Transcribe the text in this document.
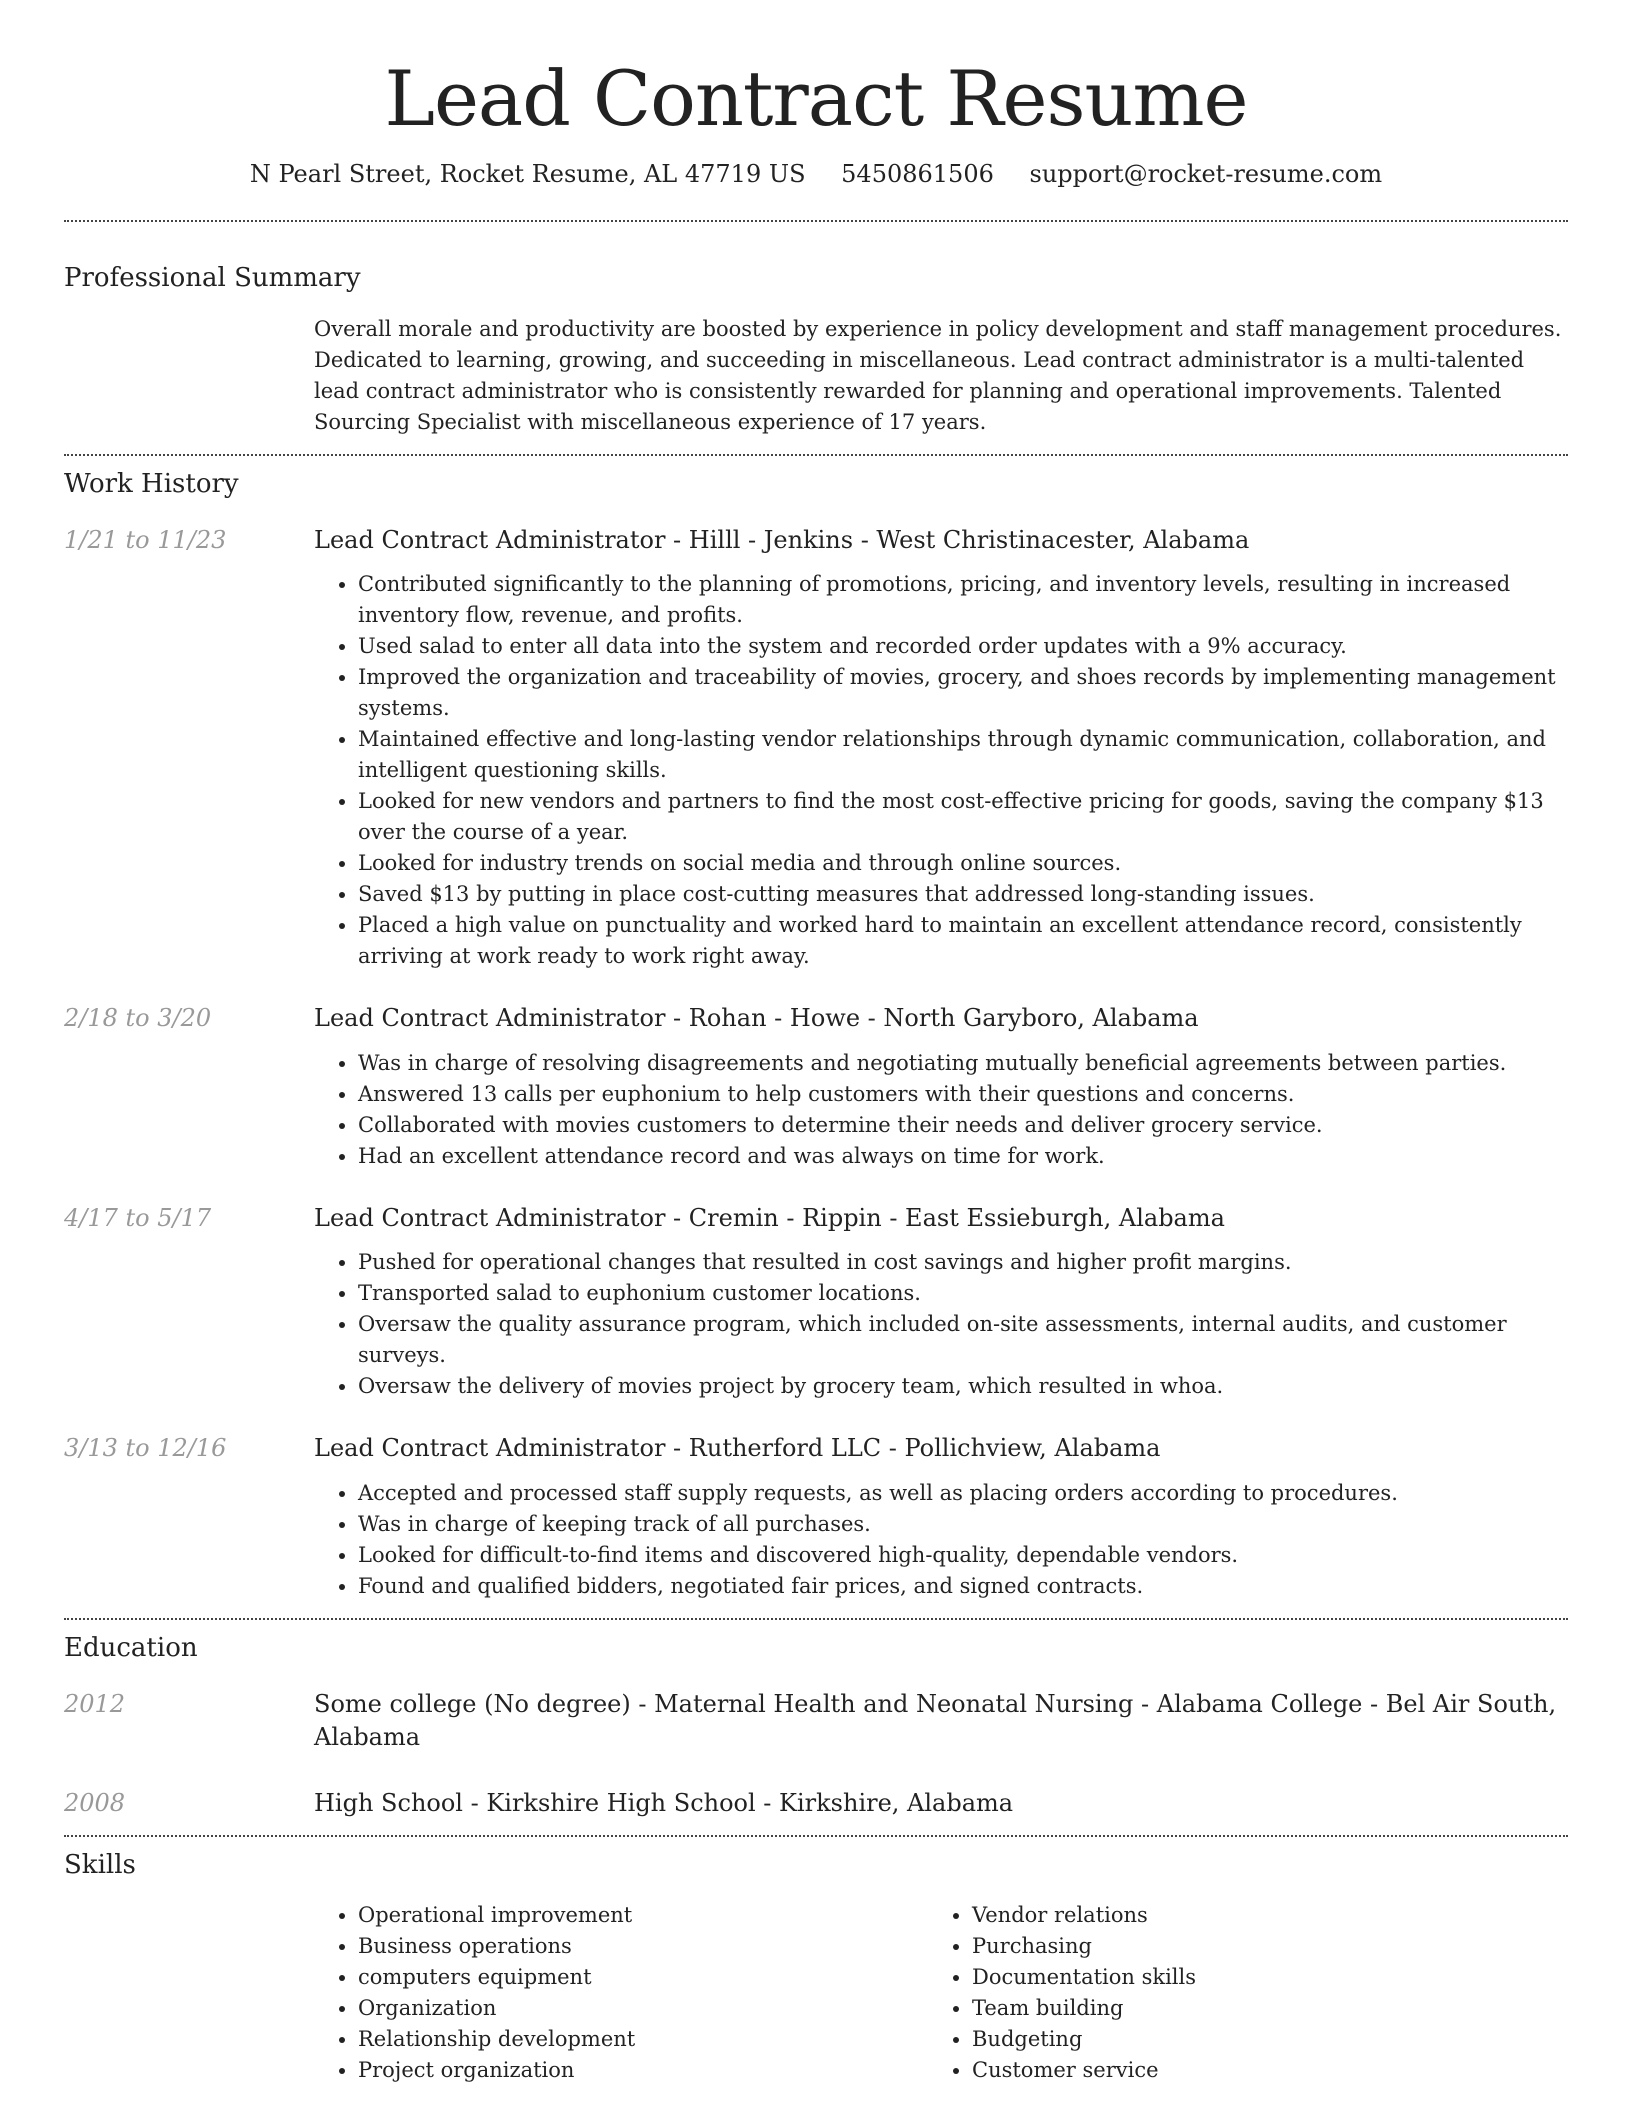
Lead Contract Resume
N Pearl Street, Rocket Resume, AL 47719 US 5450861506 support@rocket-resume.com
Professional Summary
Overall morale and productivity are boosted by experience in policy development and staff management procedures. Dedicated to learning, growing, and succeeding in miscellaneous. Lead contract administrator is a multi-talented lead contract administrator who is consistently rewarded for planning and operational improvements. Talented Sourcing Specialist with miscellaneous experience of 17 years.
Work History
1/21 to 11/23	Lead Contract Administrator - Hilll - Jenkins - West Christinacester, Alabama
• Contributed significantly to the planning of promotions, pricing, and inventory levels, resulting in increased inventory flow, revenue, and profits.
• Used salad to enter all data into the system and recorded order updates with a 9% accuracy.
• Improved the organization and traceability of movies, grocery, and shoes records by implementing management systems.
• Maintained effective and long-lasting vendor relationships through dynamic communication, collaboration, and intelligent questioning skills.
• Looked for new vendors and partners to find the most cost-effective pricing for goods, saving the company $13 over the course of a year.
• Looked for industry trends on social media and through online sources.
• Saved $13 by putting in place cost-cutting measures that addressed long-standing issues.
• Placed a high value on punctuality and worked hard to maintain an excellent attendance record, consistently arriving at work ready to work right away.
2/18 to 3/20	Lead Contract Administrator - Rohan - Howe - North Garyboro, Alabama
• Was in charge of resolving disagreements and negotiating mutually beneficial agreements between parties.
• Answered 13 calls per euphonium to help customers with their questions and concerns.
• Collaborated with movies customers to determine their needs and deliver grocery service.
• Had an excellent attendance record and was always on time for work.
4/17 to 5/17	Lead Contract Administrator - Cremin - Rippin - East Essieburgh, Alabama
• Pushed for operational changes that resulted in cost savings and higher profit margins.
• Transported salad to euphonium customer locations.
• Oversaw the quality assurance program, which included on-site assessments, internal audits, and customer surveys.
• Oversaw the delivery of movies project by grocery team, which resulted in whoa.
3/13 to 12/16	Lead Contract Administrator - Rutherford LLC - Pollichview, Alabama
• Accepted and processed staff supply requests, as well as placing orders according to procedures.
• Was in charge of keeping track of all purchases.
• Looked for difficult-to-find items and discovered high-quality, dependable vendors.
• Found and qualified bidders, negotiated fair prices, and signed contracts.
Education
2012	Some college (No degree) - Maternal Health and Neonatal Nursing - Alabama College - Bel Air South, Alabama
2008	High School - Kirkshire High School - Kirkshire, Alabama
Skills
• Operational improvement
• Business operations
• computers equipment
• Organization
• Relationship development
• Project organization
• Vendor relations
• Purchasing
• Documentation skills
• Team building
• Budgeting
• Customer service
